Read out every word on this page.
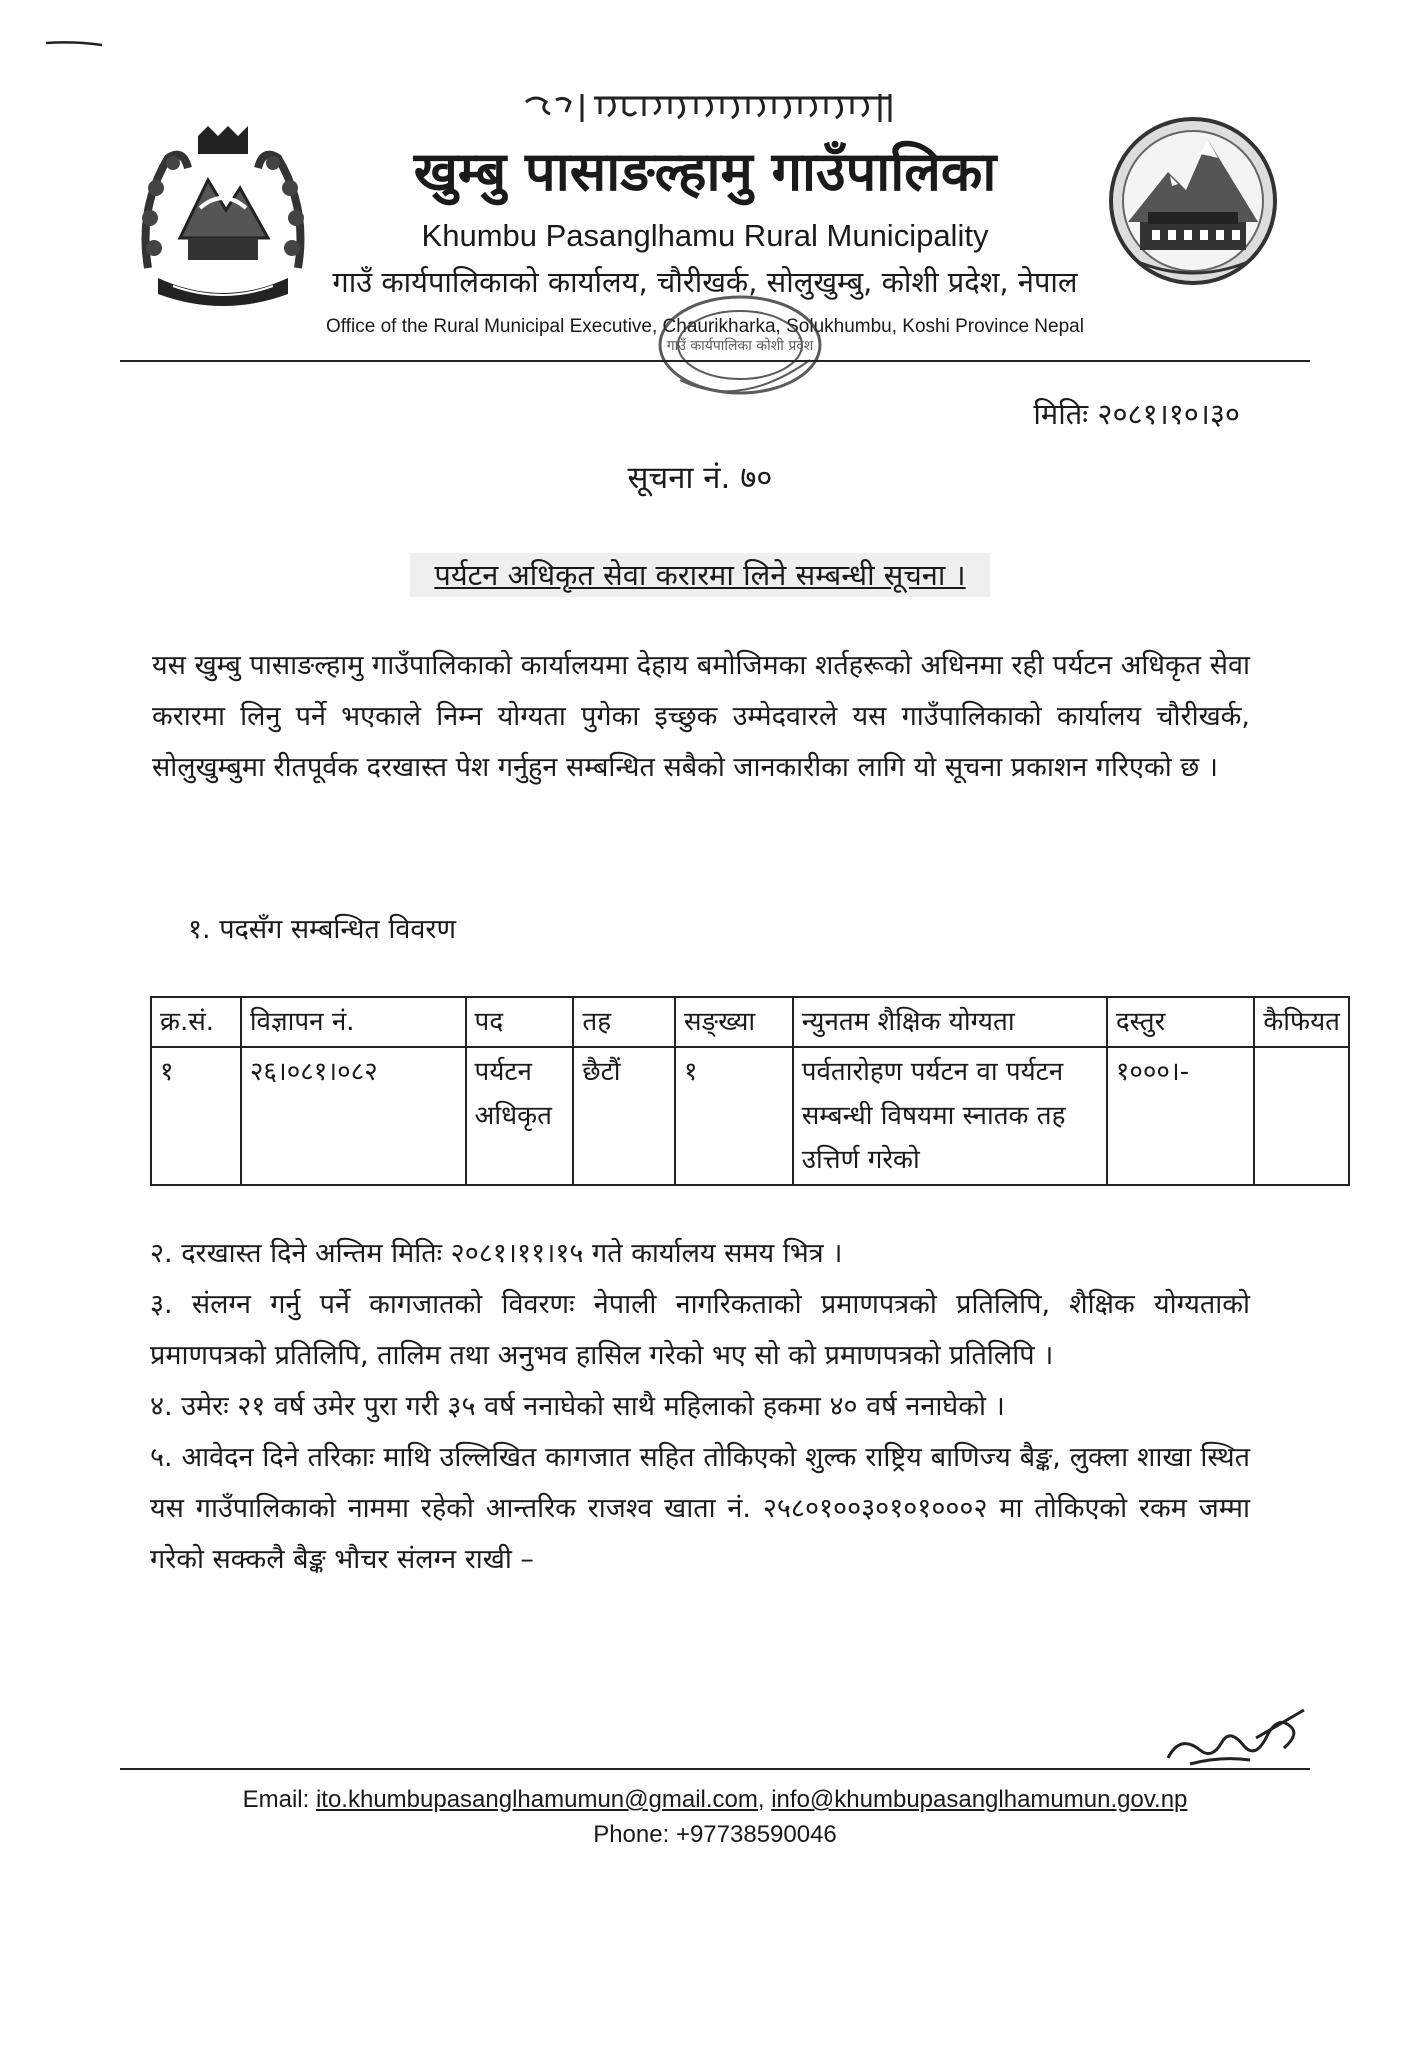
खुम्बु पासाङल्हामु गाउँपालिका
Khumbu Pasanglhamu Rural Municipality
गाउँ कार्यपालिकाको कार्यालय, चौरीखर्क, सोलुखुम्बु, कोशी प्रदेश, नेपाल
Office of the Rural Municipal Executive, Chaurikharka, Solukhumbu, Koshi Province Nepal
गाउँ कार्यपालिका कोशी प्रदेश
मितिः २०८१।१०।३०
सूचना नं. ७०
पर्यटन अधिकृत सेवा करारमा लिने सम्बन्धी सूचना ।
यस खुम्बु पासाङल्हामु गाउँपालिकाको कार्यालयमा देहाय बमोजिमका शर्तहरूको अधिनमा रही पर्यटन अधिकृत सेवा करारमा लिनु पर्ने भएकाले निम्न योग्यता पुगेका इच्छुक उम्मेदवारले यस गाउँपालिकाको कार्यालय चौरीखर्क, सोलुखुम्बुमा रीतपूर्वक दरखास्त पेश गर्नुहुन सम्बन्धित सबैको जानकारीका लागि यो सूचना प्रकाशन गरिएको छ ।
१. पदसँग सम्बन्धित विवरण
क्र.सं.	विज्ञापन नं.	पद	तह	सङ्ख्या	न्युनतम शैक्षिक योग्यता	दस्तुर	कैफियत
१	२६।०८१।०८२	पर्यटन अधिकृत	छैटौं	१	पर्वतारोहण पर्यटन वा पर्यटन सम्बन्धी विषयमा स्नातक तह उत्तिर्ण गरेको	१०००।-	

२. दरखास्त दिने अन्तिम मितिः २०८१।११।१५ गते कार्यालय समय भित्र ।

३. संलग्न गर्नु पर्ने कागजातको विवरणः नेपाली नागरिकताको प्रमाणपत्रको प्रतिलिपि, शैक्षिक योग्यताको प्रमाणपत्रको प्रतिलिपि, तालिम तथा अनुभव हासिल गरेको भए सो को प्रमाणपत्रको प्रतिलिपि ।

४. उमेरः २१ वर्ष उमेर पुरा गरी ३५ वर्ष ननाघेको साथै महिलाको हकमा ४० वर्ष ननाघेको ।

५. आवेदन दिने तरिकाः माथि उल्लिखित कागजात सहित तोकिएको शुल्क राष्ट्रिय बाणिज्य बैङ्क, लुक्ला शाखा स्थित यस गाउँपालिकाको नाममा रहेको आन्तरिक राजश्व खाता नं. २५८०१००३०१०१०००२ मा तोकिएको रकम जम्मा गरेको सक्कलै बैङ्क भौचर संलग्न राखी –

Email: ito.khumbupasanglhamumun@gmail.com, info@khumbupasanglhamumun.gov.np
Phone: +97738590046
